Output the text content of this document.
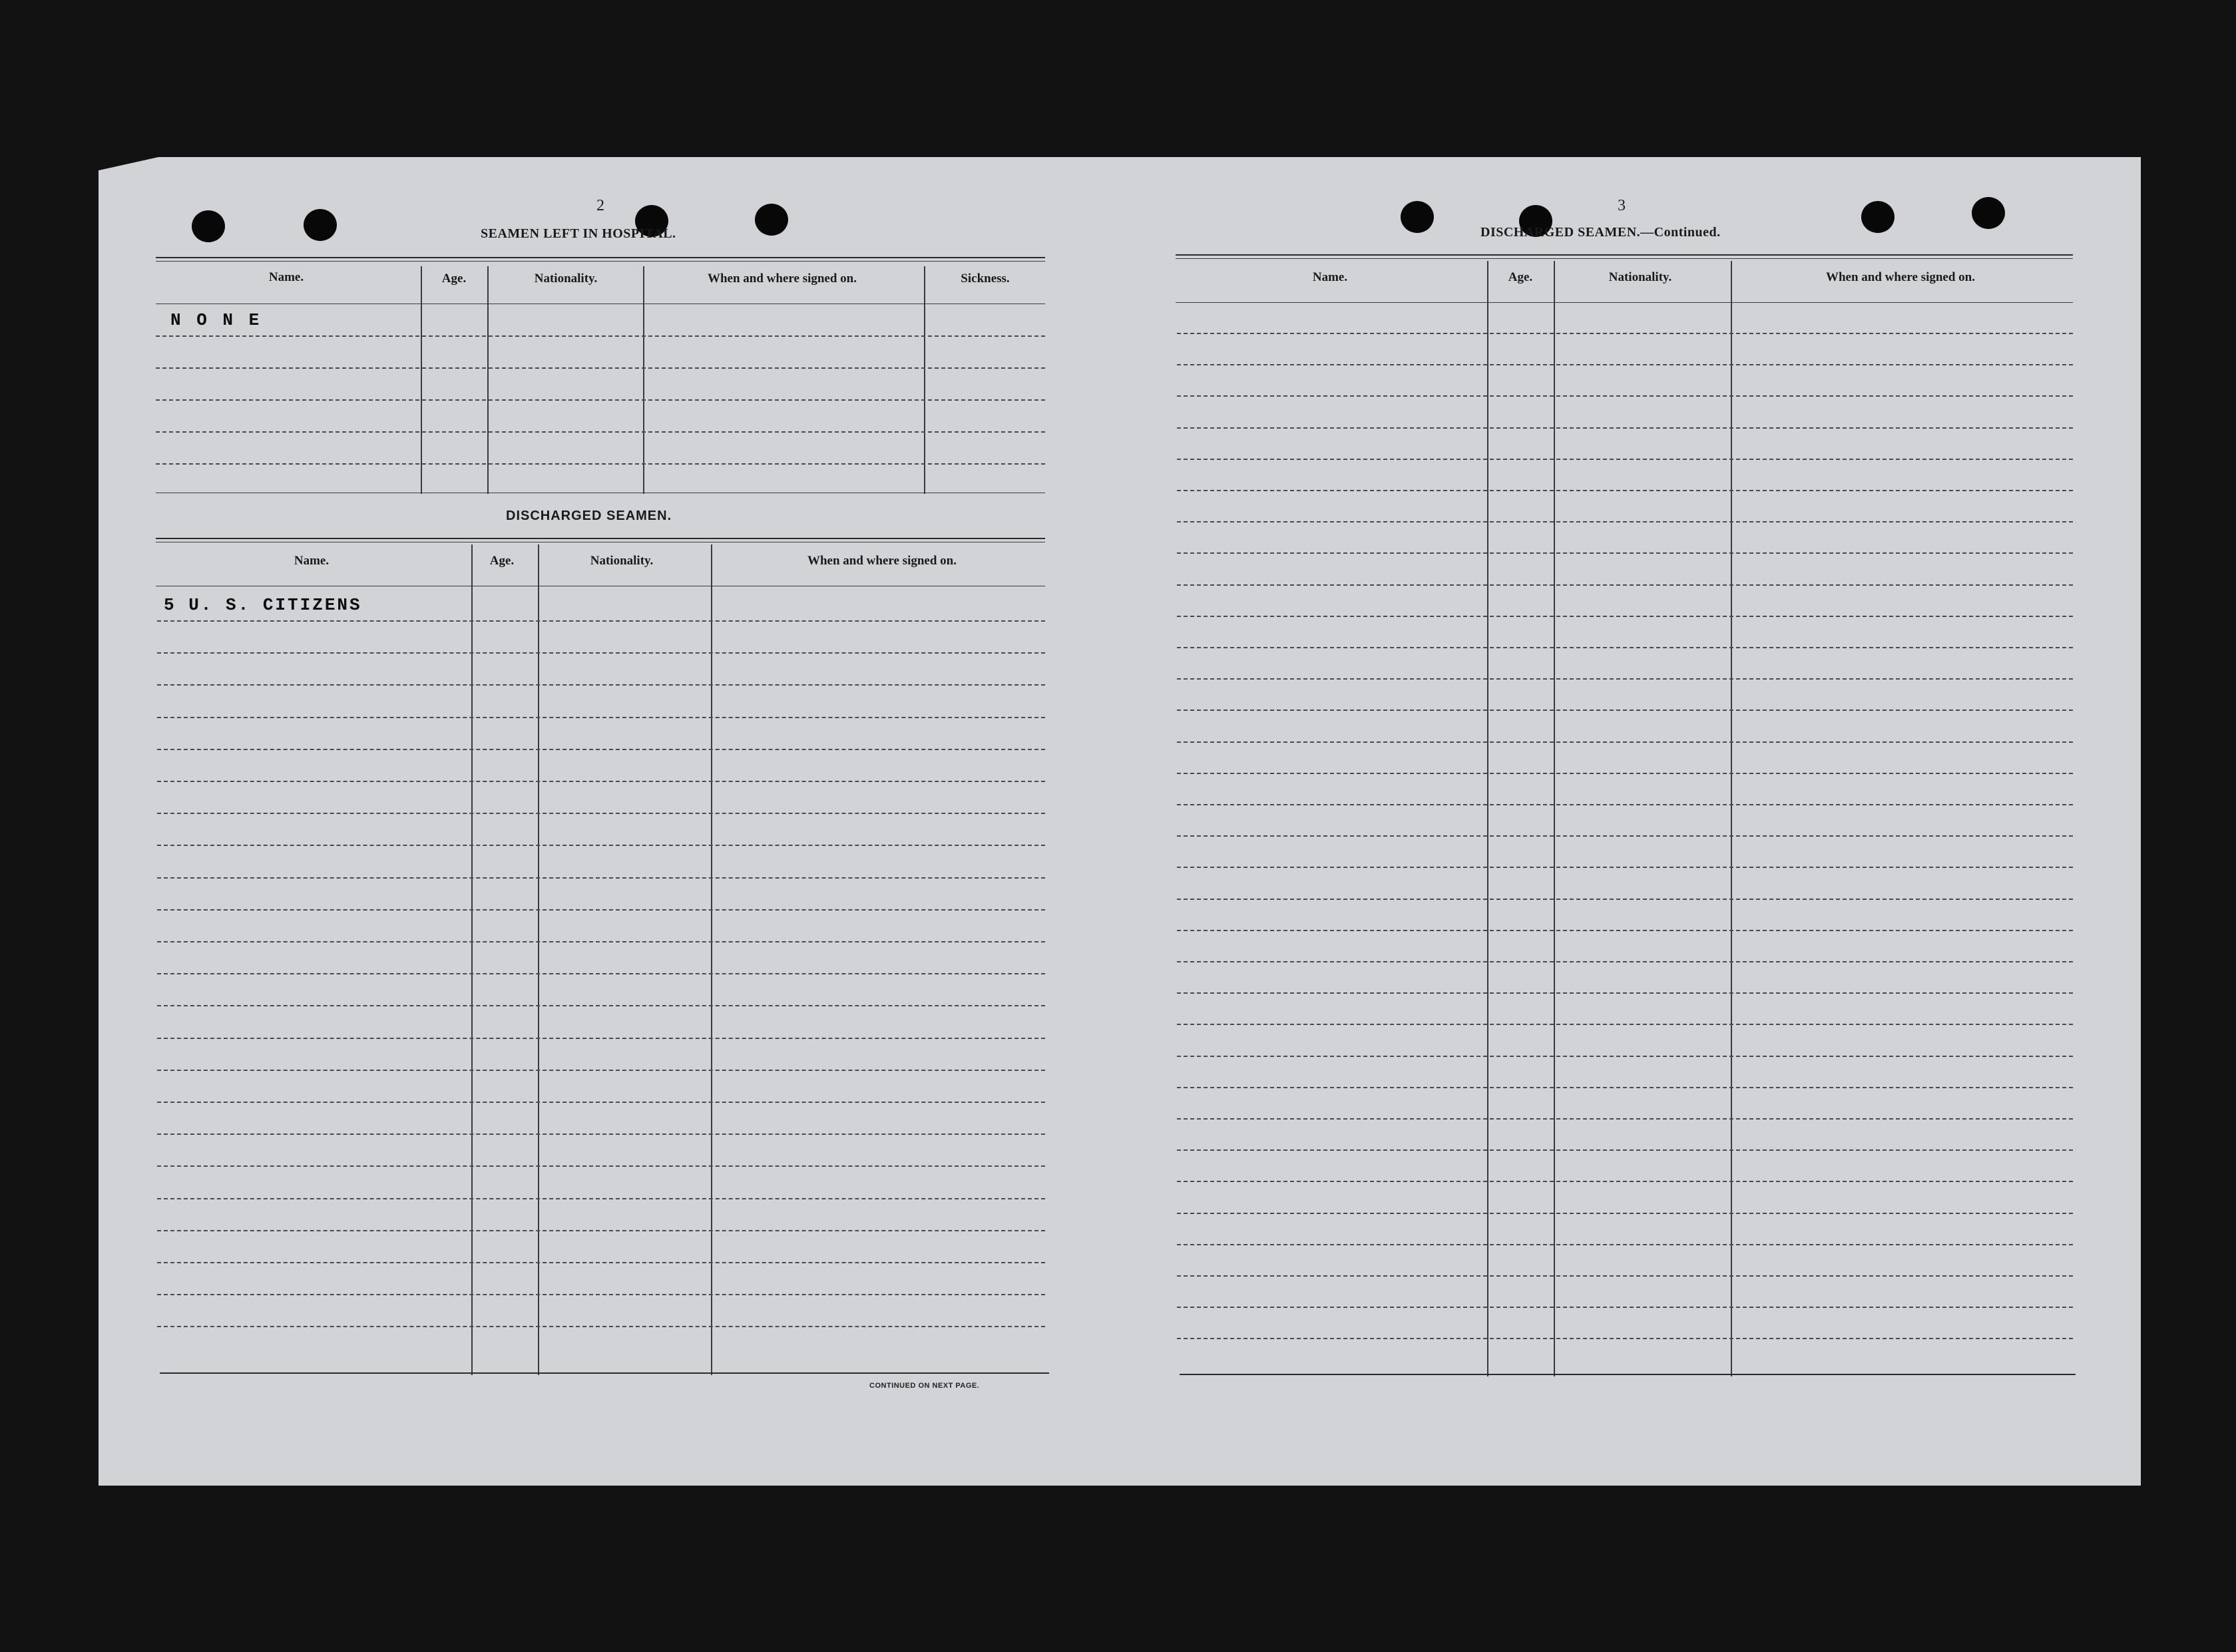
2
SEAMEN LEFT IN HOSPITAL.
Name.	Age.	Nationality.	When and where signed on.	Sickness.
N O N E
DISCHARGED SEAMEN.
Name.	Age.	Nationality.	When and where signed on.
5 U. S. CITIZENS
CONTINUED ON NEXT PAGE.
3
DISCHARGED SEAMEN.—Continued.
Name.	Age.	Nationality.	When and where signed on.
